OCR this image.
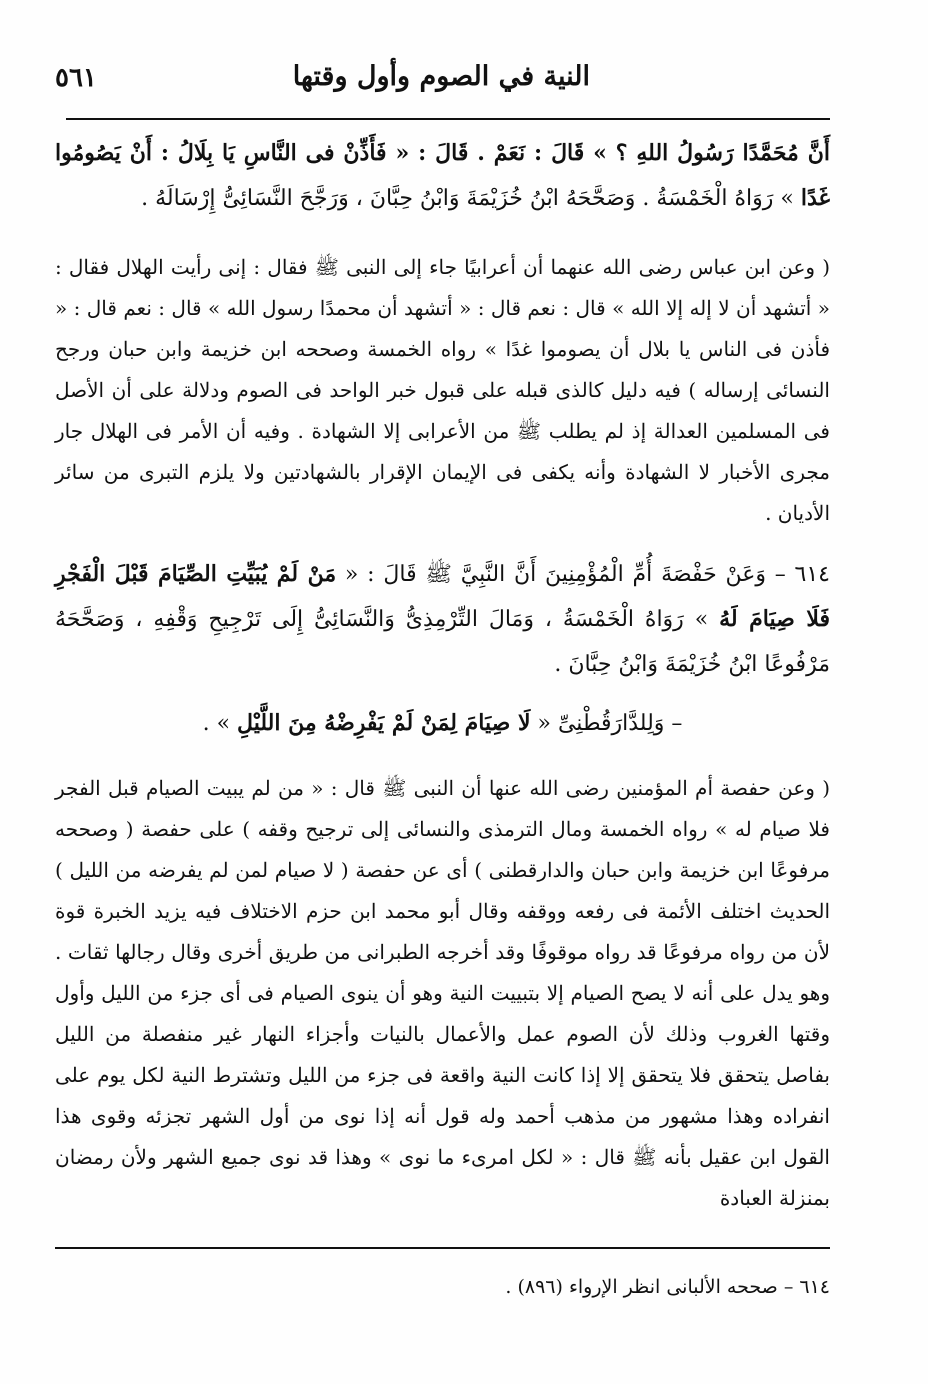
النية في الصوم وأول وقتها
٥٦١

أَنَّ مُحَمَّدًا رَسُولُ اللهِ ؟ » قَالَ : نَعَمْ . قَالَ : « فَأَذِّنْ فى النَّاسِ يَا بِلَالُ : أَنْ يَصُومُوا غَدًا » رَوَاهُ الْخَمْسَةُ . وَصَحَّحَهُ ابْنُ خُزَيْمَةَ وَابْنُ حِبَّانَ ، وَرَجَّحَ النَّسَائِىُّ إِرْسَالَهُ .

( وعن ابن عباس رضى الله عنهما أن أعرابيًا جاء إلى النبى ﷺ فقال : إنى رأيت الهلال فقال : « أتشهد أن لا إله إلا الله » قال : نعم قال : « أتشهد أن محمدًا رسول الله » قال : نعم قال : « فأذن فى الناس يا بلال أن يصوموا غدًا » رواه الخمسة وصححه ابن خزيمة وابن حبان ورجح النسائى إرساله ) فيه دليل كالذى قبله على قبول خبر الواحد فى الصوم ودلالة على أن الأصل فى المسلمين العدالة إذ لم يطلب ﷺ من الأعرابى إلا الشهادة . وفيه أن الأمر فى الهلال جار مجرى الأخبار لا الشهادة وأنه يكفى فى الإيمان الإقرار بالشهادتين ولا يلزم التبرى من سائر الأديان .

٦١٤ – وَعَنْ حَفْصَةَ أُمِّ الْمُؤْمِنِينَ أَنَّ النَّبِيَّ ﷺ قَالَ : « مَنْ لَمْ يُبَيِّتِ الصِّيَامَ قَبْلَ الْفَجْرِ فَلَا صِيَامَ لَهُ » رَوَاهُ الْخَمْسَةُ ، وَمَالَ التِّرْمِذِىُّ وَالنَّسَائِىُّ إِلَى تَرْجِيحِ وَقْفِهِ ، وَصَحَّحَهُ مَرْفُوعًا ابْنُ خُزَيْمَةَ وَابْنُ حِبَّانَ .

– وَلِلدَّارَقُطْنِىِّ « لَا صِيَامَ لِمَنْ لَمْ يَفْرِضْهُ مِنَ اللَّيْلِ » .

( وعن حفصة أم المؤمنين رضى الله عنها أن النبى ﷺ قال : « من لم يبيت الصيام قبل الفجر فلا صيام له » رواه الخمسة ومال الترمذى والنسائى إلى ترجيح وقفه ) على حفصة ( وصححه مرفوعًا ابن خزيمة وابن حبان والدارقطنى ) أى عن حفصة ( لا صيام لمن لم يفرضه من الليل ) الحديث اختلف الأئمة فى رفعه ووقفه وقال أبو محمد ابن حزم الاختلاف فيه يزيد الخبرة قوة لأن من رواه مرفوعًا قد رواه موقوفًا وقد أخرجه الطبرانى من طريق أخرى وقال رجالها ثقات . وهو يدل على أنه لا يصح الصيام إلا بتبييت النية وهو أن ينوى الصيام فى أى جزء من الليل وأول وقتها الغروب وذلك لأن الصوم عمل والأعمال بالنيات وأجزاء النهار غير منفصلة من الليل بفاصل يتحقق فلا يتحقق إلا إذا كانت النية واقعة فى جزء من الليل وتشترط النية لكل يوم على انفراده وهذا مشهور من مذهب أحمد وله قول أنه إذا نوى من أول الشهر تجزئه وقوى هذا القول ابن عقيل بأنه ﷺ قال : « لكل امرىء ما نوى » وهذا قد نوى جميع الشهر ولأن رمضان بمنزلة العبادة

٦١٤ – صححه الألبانى انظر الإرواء (٨٩٦) .
